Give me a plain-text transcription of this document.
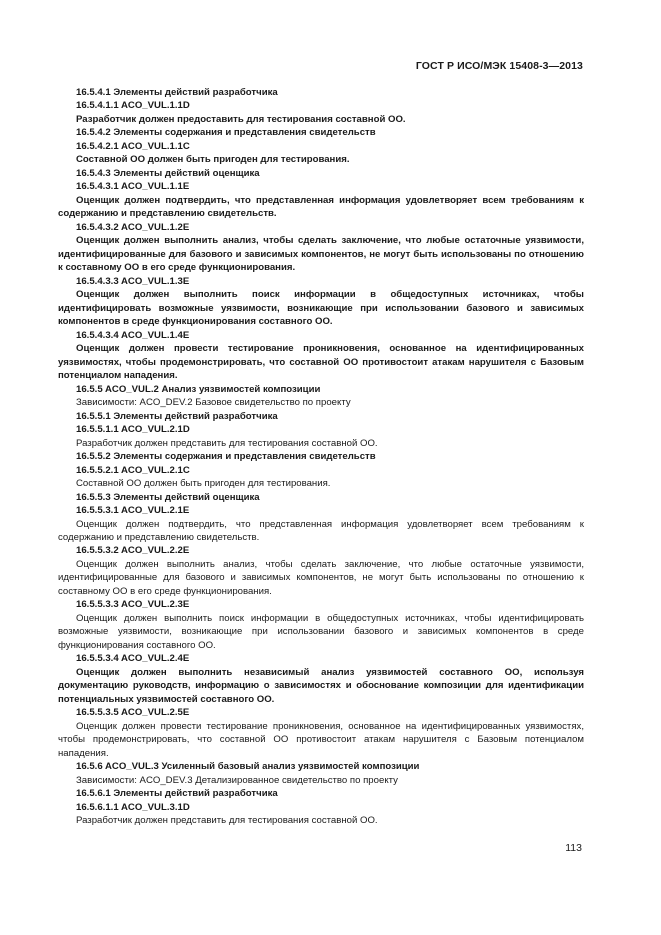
ГОСТ Р ИСО/МЭК 15408-3—2013

16.5.4.1 Элементы действий разработчика

16.5.4.1.1 ACO_VUL.1.1D

Разработчик должен предоставить для тестирования составной ОО.

16.5.4.2 Элементы содержания и представления свидетельств

16.5.4.2.1 ACO_VUL.1.1C

Составной ОО должен быть пригоден для тестирования.

16.5.4.3 Элементы действий оценщика

16.5.4.3.1 ACO_VUL.1.1E

Оценщик должен подтвердить, что представленная информация удовлетворяет всем требованиям к содержанию и представлению свидетельств.

16.5.4.3.2 ACO_VUL.1.2E

Оценщик должен выполнить анализ, чтобы сделать заключение, что любые остаточные уязвимости, идентифицированные для базового и зависимых компонентов, не могут быть использованы по отношению к составному ОО в его среде функционирования.

16.5.4.3.3 ACO_VUL.1.3E

Оценщик должен выполнить поиск информации в общедоступных источниках, чтобы идентифицировать возможные уязвимости, возникающие при использовании базового и зависимых компонентов в среде функционирования составного ОО.

16.5.4.3.4 ACO_VUL.1.4E

Оценщик должен провести тестирование проникновения, основанное на идентифицированных уязвимостях, чтобы продемонстрировать, что составной ОО противостоит атакам нарушителя с Базовым потенциалом нападения.

16.5.5 ACO_VUL.2 Анализ уязвимостей композиции

Зависимости: ACO_DEV.2 Базовое свидетельство по проекту

16.5.5.1 Элементы действий разработчика

16.5.5.1.1 ACO_VUL.2.1D

Разработчик должен представить для тестирования составной ОО.

16.5.5.2 Элементы содержания и представления свидетельств

16.5.5.2.1 ACO_VUL.2.1C

Составной ОО должен быть пригоден для тестирования.

16.5.5.3 Элементы действий оценщика

16.5.5.3.1 ACO_VUL.2.1E

Оценщик должен подтвердить, что представленная информация удовлетворяет всем требованиям к содержанию и представлению свидетельств.

16.5.5.3.2 ACO_VUL.2.2E

Оценщик должен выполнить анализ, чтобы сделать заключение, что любые остаточные уязвимости, идентифицированные для базового и зависимых компонентов, не могут быть использованы по отношению к составному ОО в его среде функционирования.

16.5.5.3.3 ACO_VUL.2.3E

Оценщик должен выполнить поиск информации в общедоступных источниках, чтобы идентифицировать возможные уязвимости, возникающие при использовании базового и зависимых компонентов в среде функционирования составного ОО.

16.5.5.3.4 ACO_VUL.2.4E

Оценщик должен выполнить независимый анализ уязвимостей составного ОО, используя документацию руководств, информацию о зависимостях и обоснование композиции для идентификации потенциальных уязвимостей составного ОО.

16.5.5.3.5 ACO_VUL.2.5E

Оценщик должен провести тестирование проникновения, основанное на идентифицированных уязвимостях, чтобы продемонстрировать, что составной ОО противостоит атакам нарушителя с Базовым потенциалом нападения.

16.5.6 ACO_VUL.3 Усиленный базовый анализ уязвимостей композиции

Зависимости: ACO_DEV.3 Детализированное свидетельство по проекту

16.5.6.1 Элементы действий разработчика

16.5.6.1.1 ACO_VUL.3.1D

Разработчик должен представить для тестирования составной ОО.

113
